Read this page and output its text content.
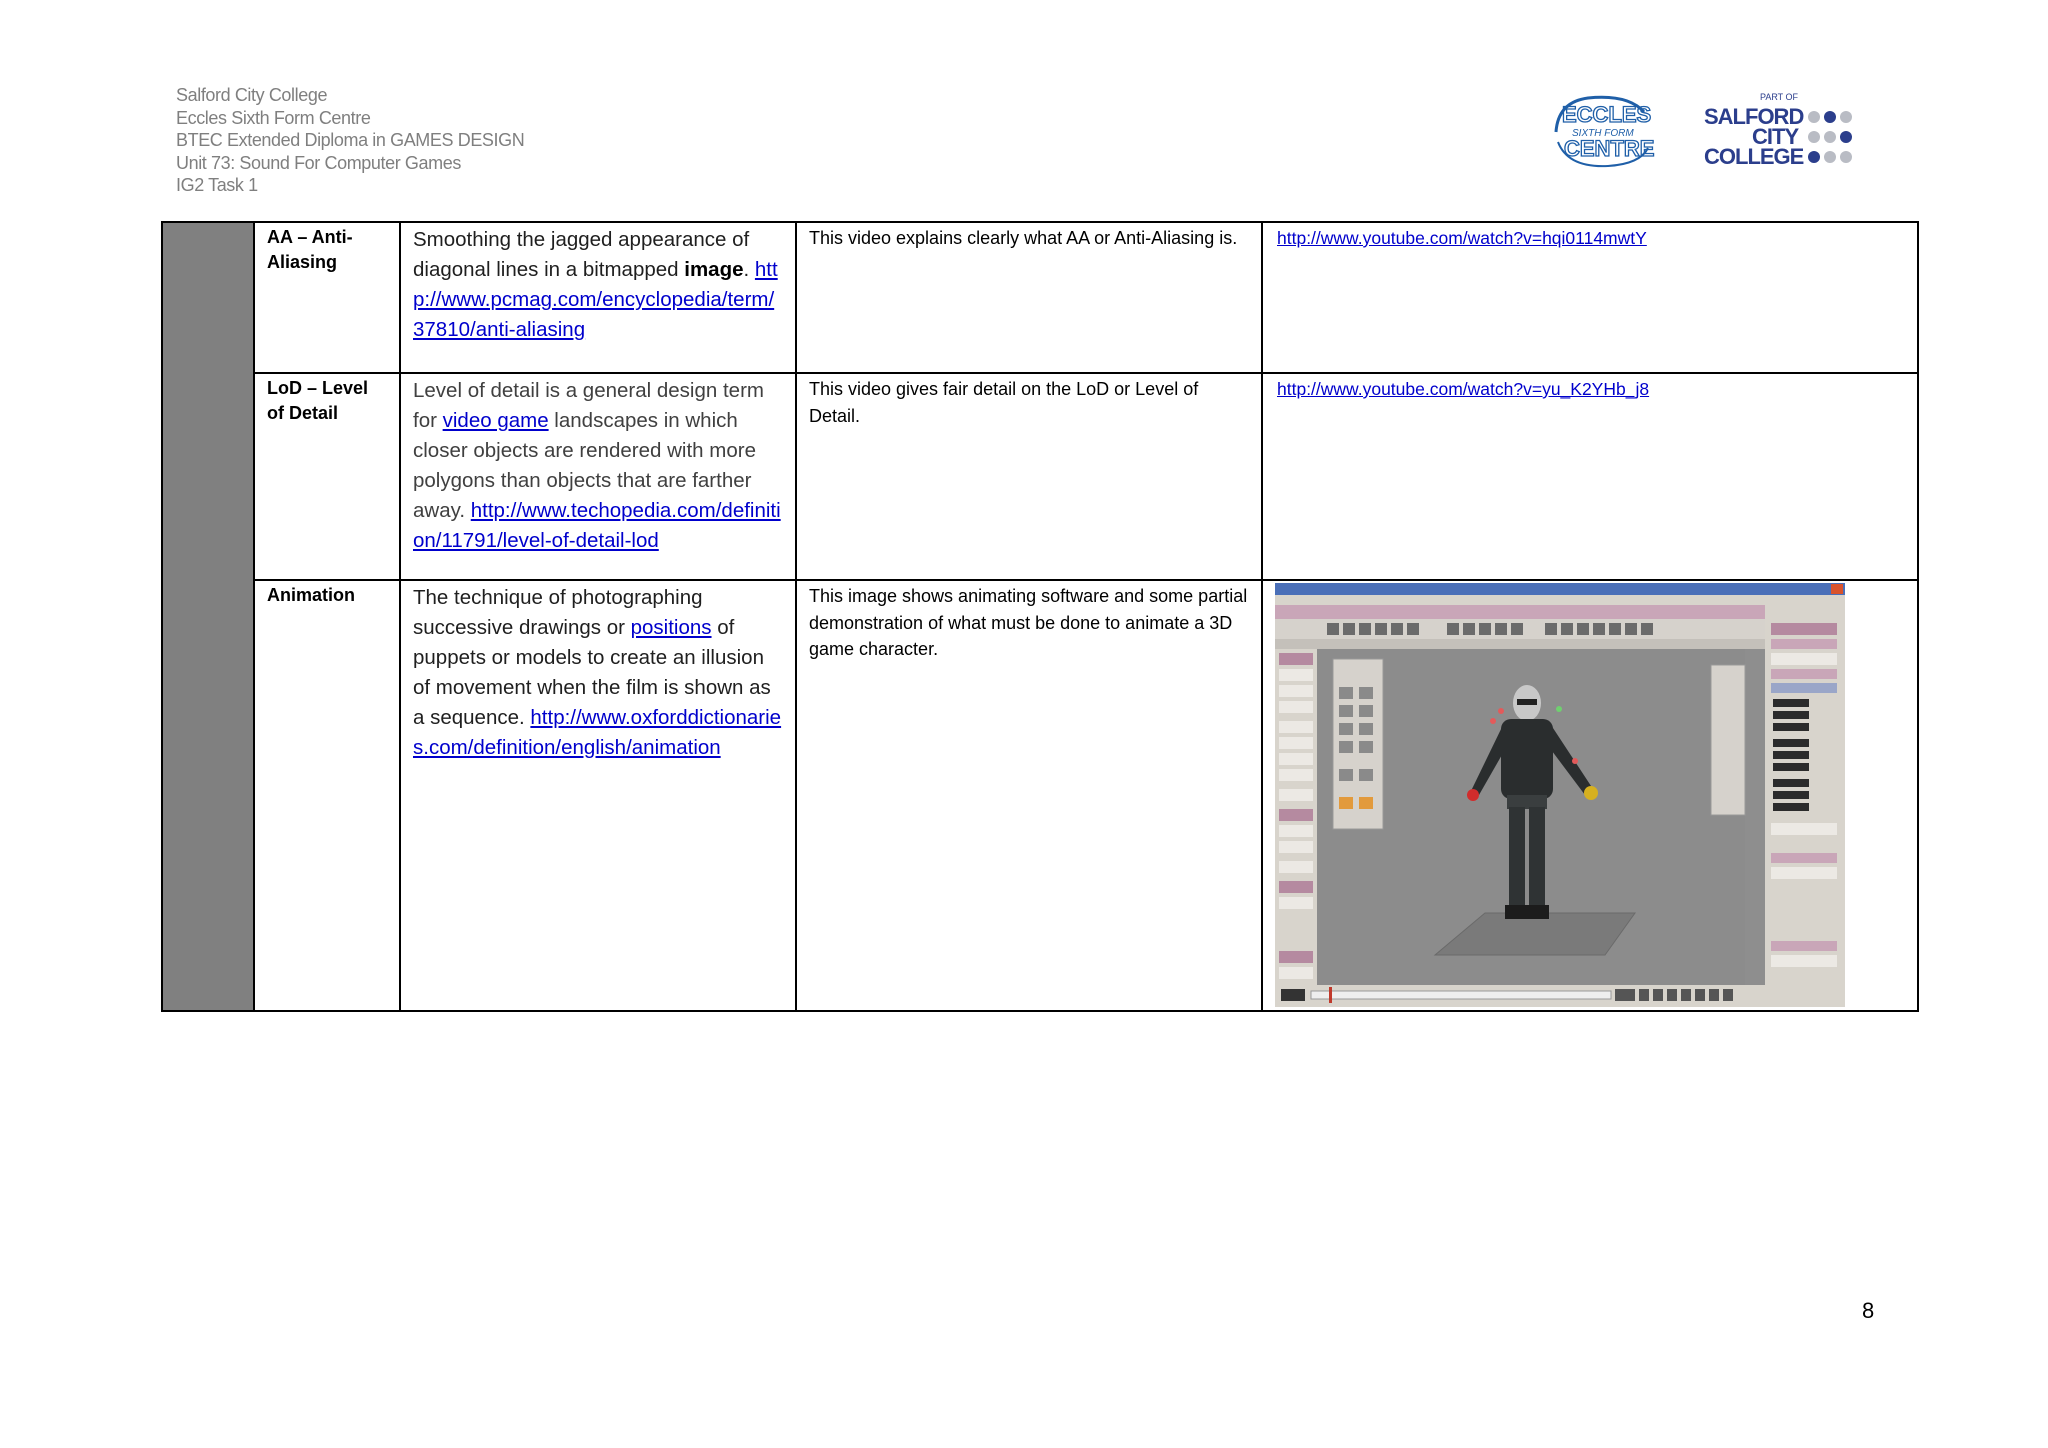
Salford City College
Eccles Sixth Form Centre
BTEC Extended Diploma in GAMES DESIGN
Unit 73: Sound For Computer Games
IG2 Task 1
ECCLES
SIXTH FORM
CENTRE
PART OF
SALFORD
CITY
COLLEGE

	AA – Anti-Aliasing	Smoothing the jagged appearance of diagonal lines in a bitmapped image. http://www.pcmag.com/encyclopedia/term/37810/anti-aliasing	This video explains clearly what AA or Anti-Aliasing is.	http://www.youtube.com/watch?v=hqi0114mwtY

	LoD – Level of Detail	Level of detail is a general design term for video game landscapes in which closer objects are rendered with more polygons than objects that are farther away. http://www.techopedia.com/definition/11791/level-of-detail-lod	This video gives fair detail on the LoD or Level of Detail.	http://www.youtube.com/watch?v=yu_K2YHb_j8

	Animation	The technique of photographing successive drawings or positions of puppets or models to create an illusion of movement when the film is shown as a sequence. http://www.oxforddictionaries.com/definition/english/animation	This image shows animating software and some partial demonstration of what must be done to animate a 3D game character.

8
